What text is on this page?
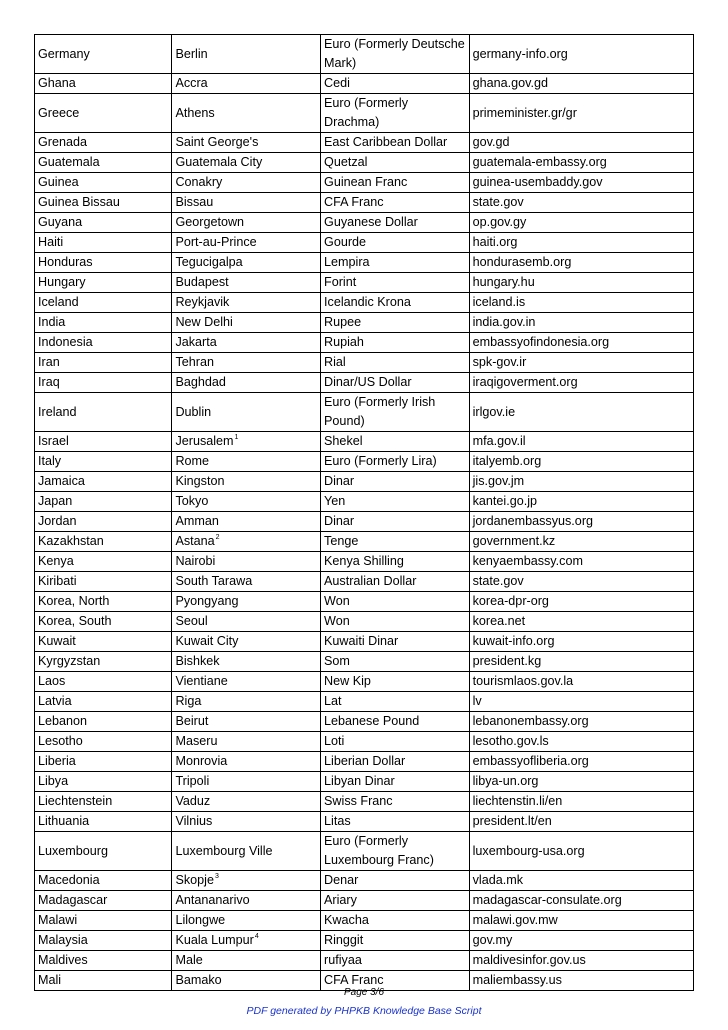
Germany	Berlin	Euro (Formerly Deutsche Mark)	germany-info.org
Ghana	Accra	Cedi	ghana.gov.gd
Greece	Athens	Euro (Formerly Drachma)	primeminister.gr/gr
Grenada	Saint George's	East Caribbean Dollar	gov.gd
Guatemala	Guatemala City	Quetzal	guatemala-embassy.org
Guinea	Conakry	Guinean Franc	guinea-usembaddy.gov
Guinea Bissau	Bissau	CFA Franc	state.gov
Guyana	Georgetown	Guyanese Dollar	op.gov.gy
Haiti	Port-au-Prince	Gourde	haiti.org
Honduras	Tegucigalpa	Lempira	hondurasemb.org
Hungary	Budapest	Forint	hungary.hu
Iceland	Reykjavik	Icelandic Krona	iceland.is
India	New Delhi	Rupee	india.gov.in
Indonesia	Jakarta	Rupiah	embassyofindonesia.org
Iran	Tehran	Rial	spk-gov.ir
Iraq	Baghdad	Dinar/US Dollar	iraqigoverment.org
Ireland	Dublin	Euro (Formerly Irish Pound)	irlgov.ie
Israel	Jerusalem$^1$	Shekel	mfa.gov.il
Italy	Rome	Euro (Formerly Lira)	italyemb.org
Jamaica	Kingston	Dinar	jis.gov.jm
Japan	Tokyo	Yen	kantei.go.jp
Jordan	Amman	Dinar	jordanembassyus.org
Kazakhstan	Astana$^2$	Tenge	government.kz
Kenya	Nairobi	Kenya Shilling	kenyaembassy.com
Kiribati	South Tarawa	Australian Dollar	state.gov
Korea, North	Pyongyang	Won	korea-dpr-org
Korea, South	Seoul	Won	korea.net
Kuwait	Kuwait City	Kuwaiti Dinar	kuwait-info.org
Kyrgyzstan	Bishkek	Som	president.kg
Laos	Vientiane	New Kip	tourismlaos.gov.la
Latvia	Riga	Lat	lv
Lebanon	Beirut	Lebanese Pound	lebanonembassy.org
Lesotho	Maseru	Loti	lesotho.gov.ls
Liberia	Monrovia	Liberian Dollar	embassyofliberia.org
Libya	Tripoli	Libyan Dinar	libya-un.org
Liechtenstein	Vaduz	Swiss Franc	liechtenstin.li/en
Lithuania	Vilnius	Litas	president.lt/en
Luxembourg	Luxembourg Ville	Euro (Formerly Luxembourg Franc)	luxembourg-usa.org
Macedonia	Skopje$^3$	Denar	vlada.mk
Madagascar	Antananarivo	Ariary	madagascar-consulate.org
Malawi	Lilongwe	Kwacha	malawi.gov.mw
Malaysia	Kuala Lumpur$^4$	Ringgit	gov.my
Maldives	Male	rufiyaa	maldivesinfor.gov.us
Mali	Bamako	CFA Franc	maliembassy.us
Page 3/6
PDF generated by PHPKB Knowledge Base Script
